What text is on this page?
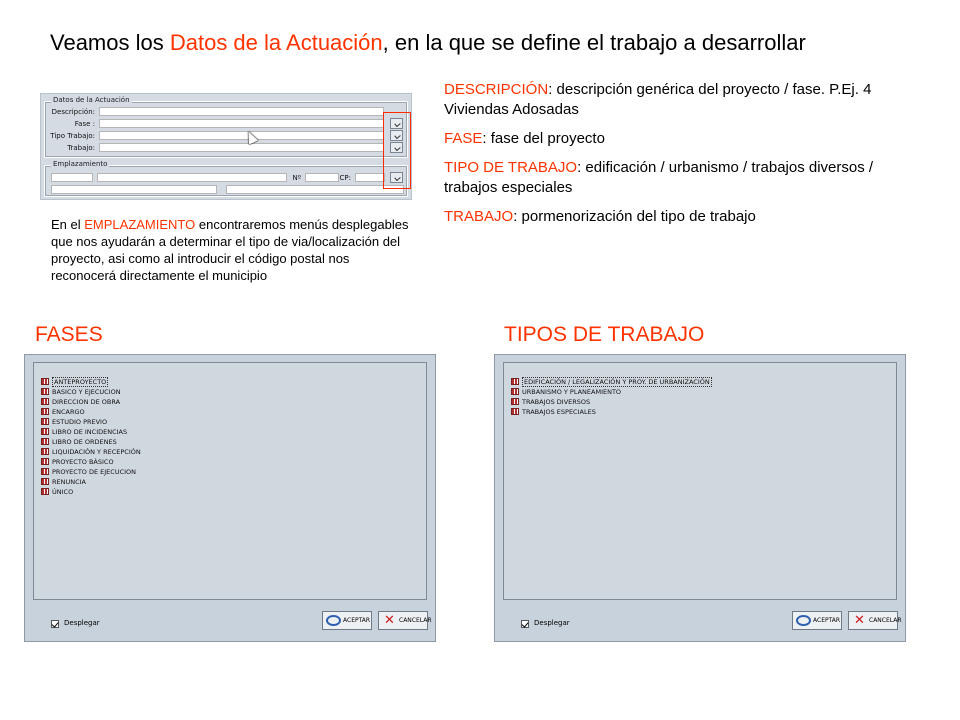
Veamos los Datos de la Actuación, en la que se define el trabajo a desarrollar
Datos de la Actuación
Descripción:
Fase :
Tipo Trabajo:
Trabajo:
Emplazamiento
Nº	CP:
En el EMPLAZAMIENTO encontraremos menús desplegables que nos ayudarán a determinar el tipo de via/localización del proyecto, asi como al introducir el código postal nos reconocerá directamente el municipio

DESCRIPCIÓN: descripción genérica del proyecto / fase. P.Ej. 4 Viviendas Adosadas

FASE: fase del proyecto

TIPO DE TRABAJO: edificación / urbanismo / trabajos diversos / trabajos especiales

TRABAJO: pormenorización del tipo de trabajo

FASES	TIPOS DE TRABAJO
ANTEPROYECTO
BASICO Y EJECUCION
DIRECCION DE OBRA
ENCARGO
ESTUDIO PREVIO
LIBRO DE INCIDENCIAS
LIBRO DE ORDENES
LIQUIDACIÓN Y RECEPCIÓN
PROYECTO BÁSICO
PROYECTO DE EJECUCION
RENUNCIA
ÚNICO
Desplegar	ACEPTAR ✕ CANCELAR
EDIFICACIÓN / LEGALIZACIÓN Y PROY. DE URBANIZACIÓN
URBANISMO Y PLANEAMIENTO
TRABAJOS DIVERSOS
TRABAJOS ESPECIALES
Desplegar	ACEPTAR ✕ CANCELAR
